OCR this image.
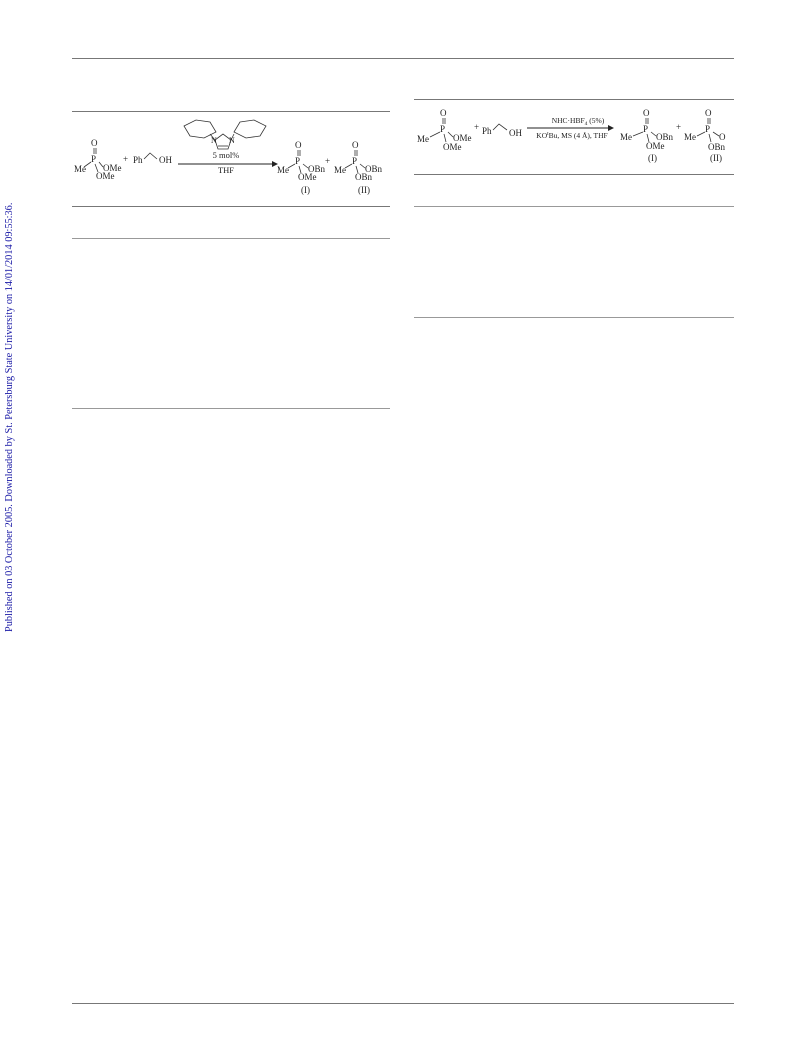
Published on 03 October 2005. Downloaded by St. Petersburg State University on 14/01/2014 09:55:36.
O
P
Me OMe
OMe
+ Ph OH
N N
5 mol%
THF
O
P
Me OBn
OMe
(I)
+
O
P
Me OBn
OBn
(II)
O
P
Me	OMe
OMe
+ Ph OH
$NHC\cdot HBF_4$ (5%)
$KO^tBu$, MS (4 Å), THF
O
P
Me	OBn
OMe
(I)
+
O
P
Me	O
OBn
(II)
